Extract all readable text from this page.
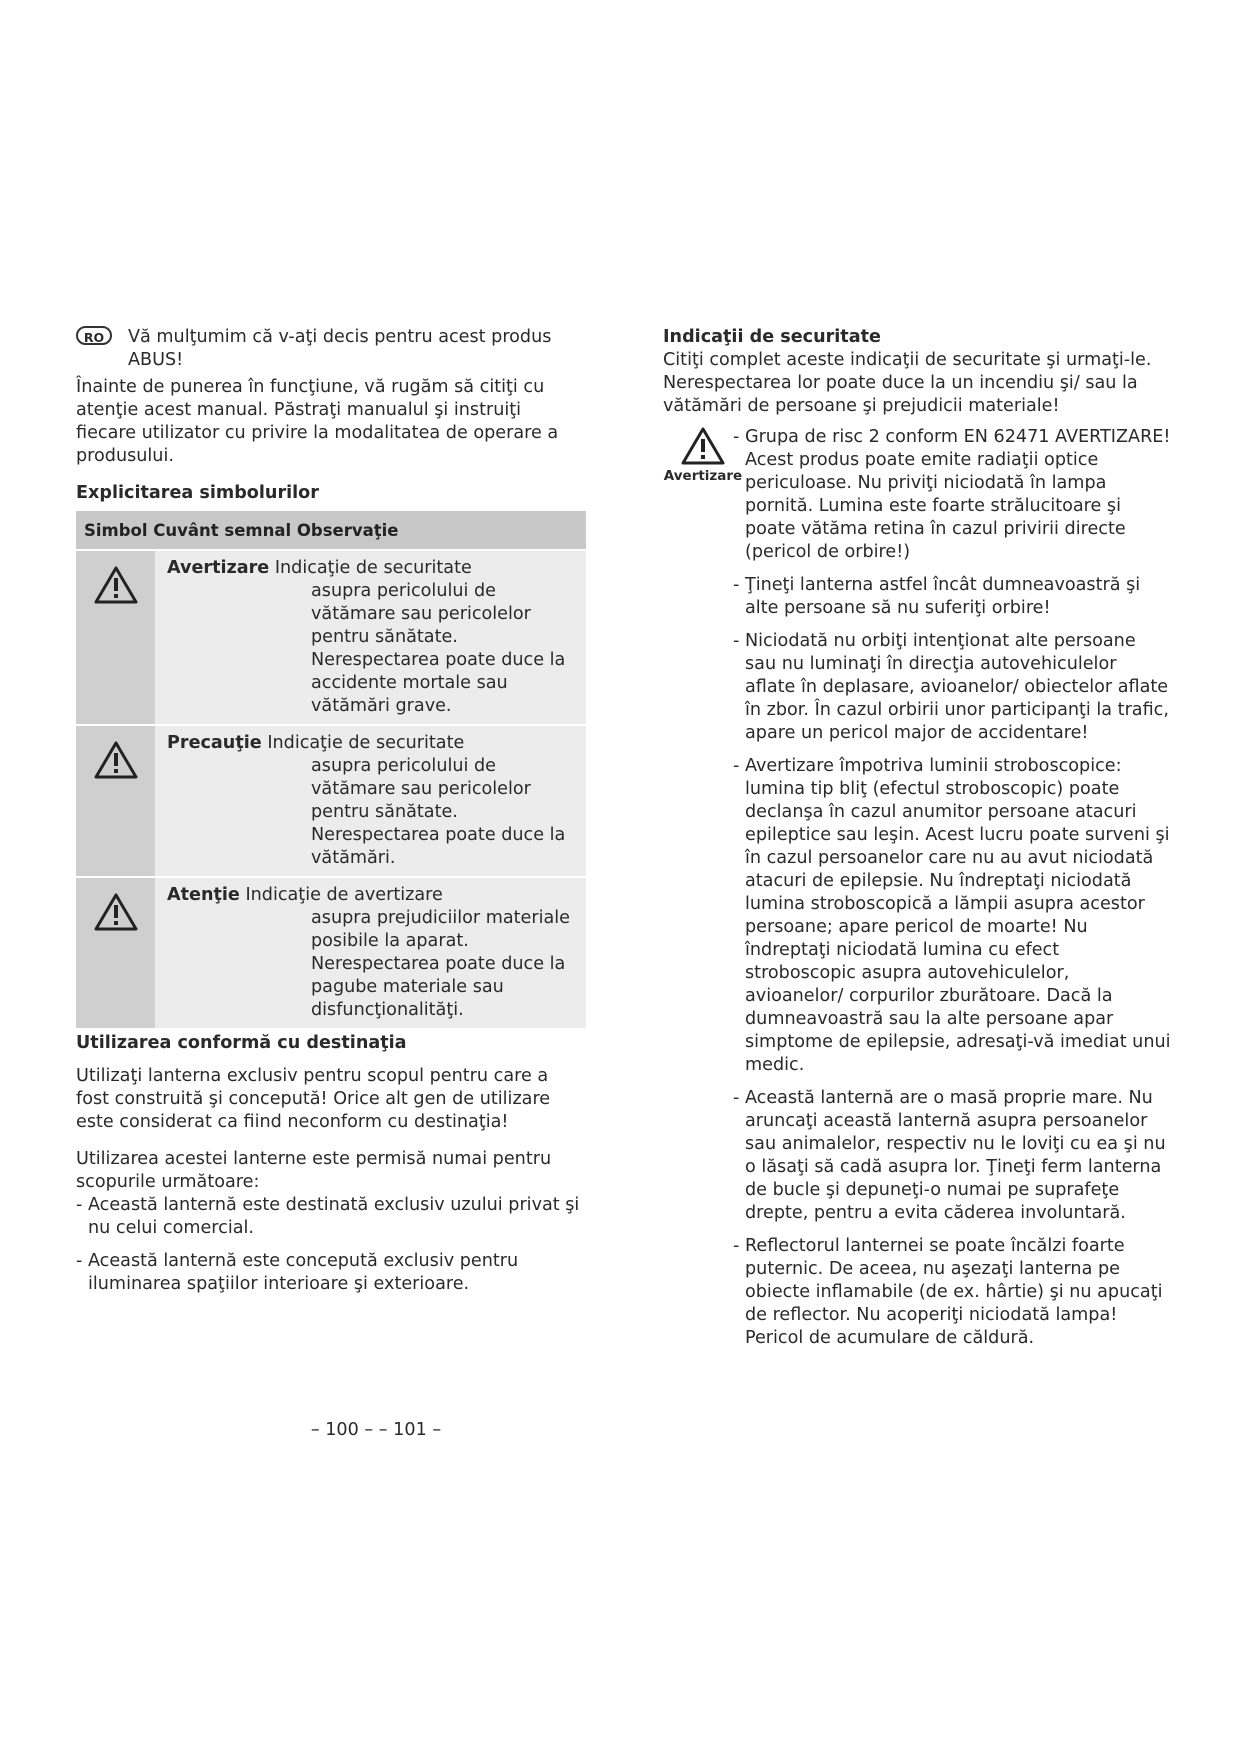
RO	Vă mulţumim că v-aţi decis pentru acest produs ABUS!

Înainte de punerea în funcţiune, vă rugăm să citiţi cu atenţie acest manual. Păstraţi manualul şi instruiţi fiecare utilizator cu privire la modalitatea de operare a produsului.

Explicitarea simbolurilor
Simbol Cuvânt semnal Observaţie	

Avertizare Indicaţie de securitate
asupra pericolului de vătămare sau pericolelor pentru sănătate. Nerespectarea poate duce la accidente mortale sau vătămări grave.

Precauţie Indicaţie de securitate
asupra pericolului de vătămare sau pericolelor pentru sănătate. Nerespectarea poate duce la vătămări.

Atenţie Indicaţie de avertizare
asupra prejudiciilor materiale posibile la aparat. Nerespectarea poate duce la pagube materiale sau disfuncţionalităţi.
Utilizarea conformă cu destinaţia

Utilizaţi lanterna exclusiv pentru scopul pentru care a fost construită şi concepută! Orice alt gen de utilizare este considerat ca fiind neconform cu destinaţia!

Utilizarea acestei lanterne este permisă numai pentru scopurile următoare:

- Această lanternă este destinată exclusiv uzului privat şi nu celui comercial.

- Această lanternă este concepută exclusiv pentru iluminarea spaţiilor interioare şi exterioare.

Indicaţii de securitate

Citiţi complet aceste indicaţii de securitate şi urmaţi-le. Nerespectarea lor poate duce la un incendiu şi/ sau la vătămări de persoane şi prejudicii materiale!

Avertizare

- Grupa de risc 2 conform EN 62471 AVERTIZARE! Acest produs poate emite radiaţii optice periculoase. Nu priviţi niciodată în lampa pornită. Lumina este foarte strălucitoare şi poate vătăma retina în cazul privirii directe (pericol de orbire!)

- Ţineţi lanterna astfel încât dumneavoastră şi alte persoane să nu suferiţi orbire!

- Niciodată nu orbiţi intenţionat alte persoane sau nu luminaţi în direcţia autovehiculelor aflate în deplasare, avioanelor/ obiectelor aflate în zbor. În cazul orbirii unor participanţi la trafic, apare un pericol major de accidentare!

- Avertizare împotriva luminii stroboscopice: lumina tip bliţ (efectul stroboscopic) poate declanşa în cazul anumitor persoane atacuri epileptice sau leşin. Acest lucru poate surveni şi în cazul persoanelor care nu au avut niciodată atacuri de epilepsie. Nu îndreptaţi niciodată lumina stroboscopică a lămpii asupra acestor persoane; apare pericol de moarte! Nu îndreptaţi niciodată lumina cu efect stroboscopic asupra autovehiculelor, avioanelor/ corpurilor zburătoare. Dacă la dumneavoastră sau la alte persoane apar simptome de epilepsie, adresaţi-vă imediat unui medic.

- Această lanternă are o masă proprie mare. Nu aruncaţi această lanternă asupra persoanelor sau animalelor, respectiv nu le loviţi cu ea şi nu o lăsaţi să cadă asupra lor. Ţineţi ferm lanterna de bucle şi depuneţi-o numai pe suprafeţe drepte, pentru a evita căderea involuntară.

- Reflectorul lanternei se poate încălzi foarte puternic. De aceea, nu aşezaţi lanterna pe obiecte inflamabile (de ex. hârtie) şi nu apucaţi de reflector. Nu acoperiţi niciodată lampa! Pericol de acumulare de căldură.

– 100 – – 101 –
